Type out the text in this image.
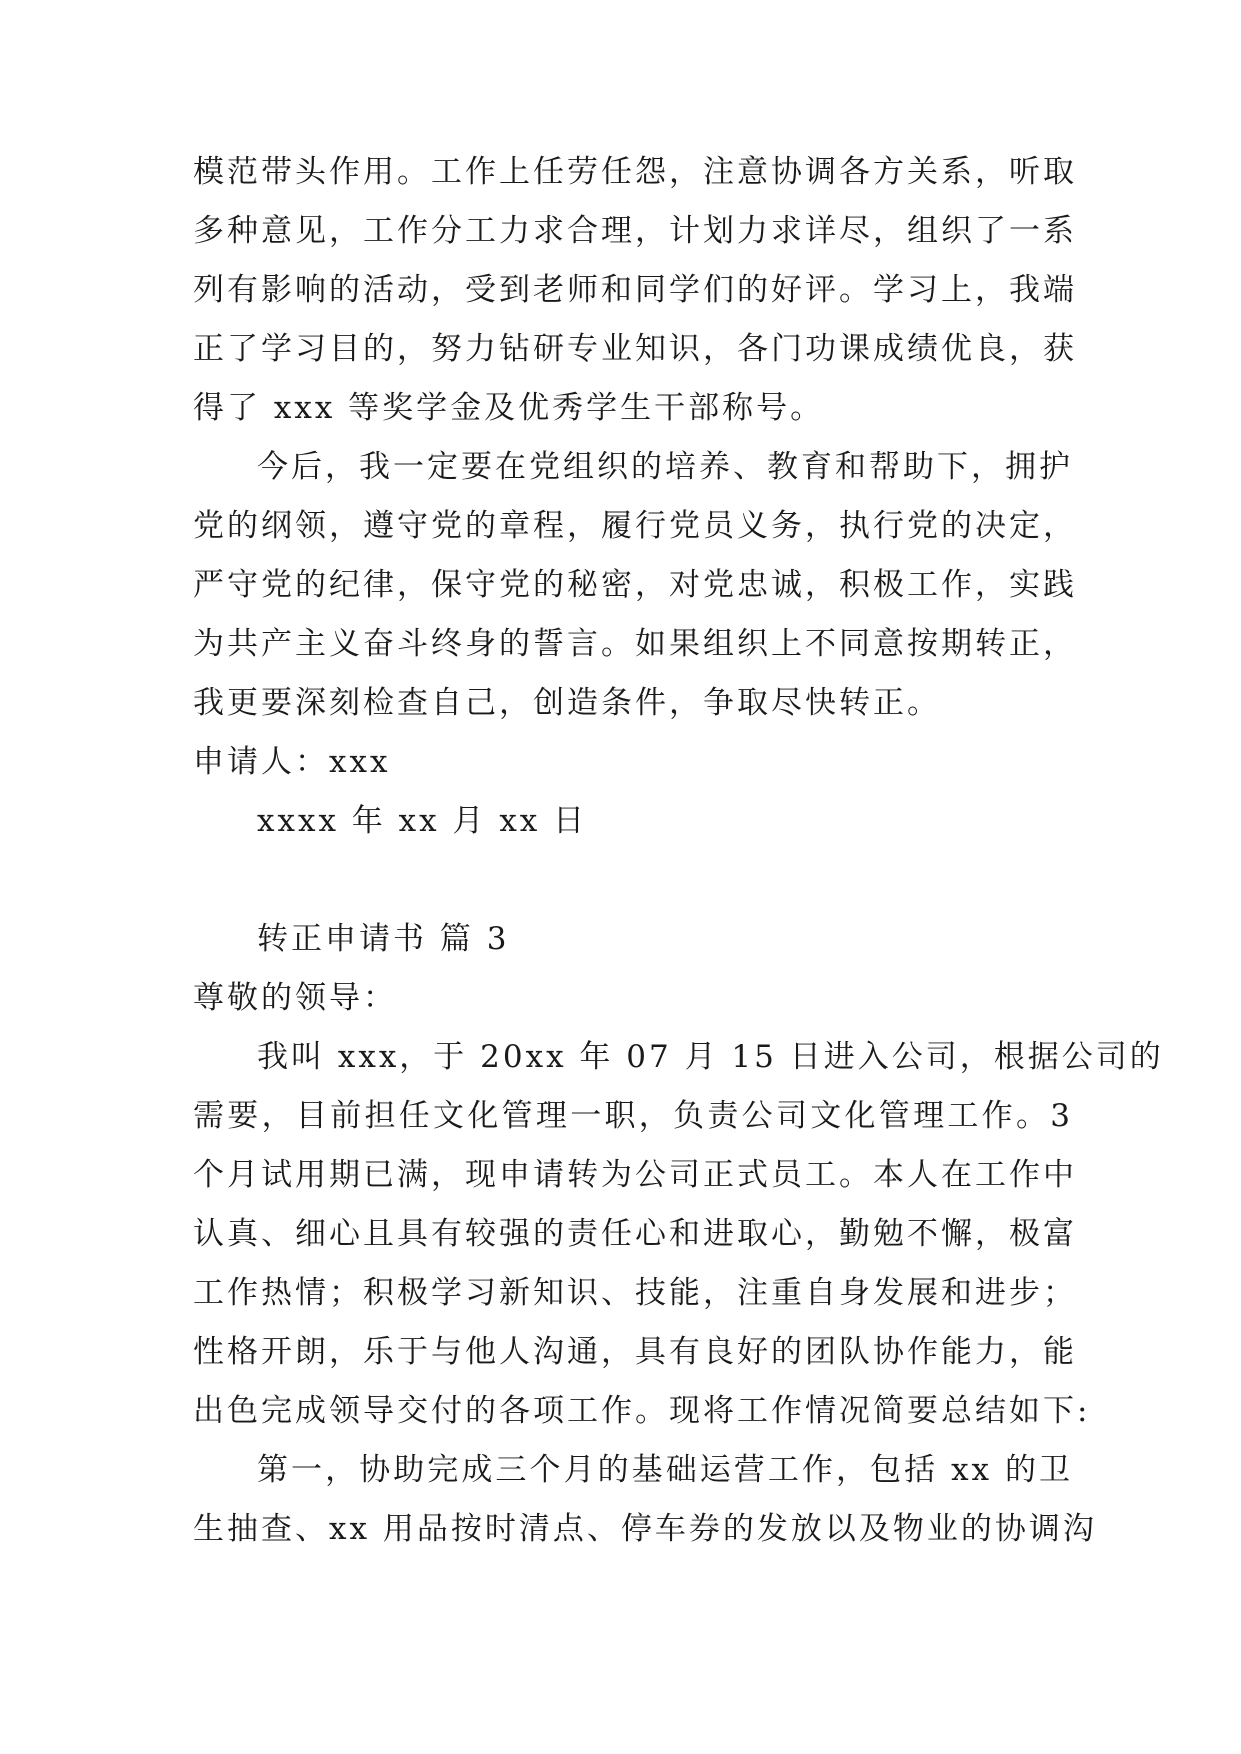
模范带头作用。工作上任劳任怨，注意协调各方关系，听取
多种意见，工作分工力求合理，计划力求详尽，组织了一系
列有影响的活动，受到老师和同学们的好评。学习上，我端
正了学习目的，努力钻研专业知识，各门功课成绩优良，获
得了 xxx 等奖学金及优秀学生干部称号。
今后，我一定要在党组织的培养、教育和帮助下，拥护
党的纲领，遵守党的章程，履行党员义务，执行党的决定，
严守党的纪律，保守党的秘密，对党忠诚，积极工作，实践
为共产主义奋斗终身的誓言。如果组织上不同意按期转正，
我更要深刻检查自己，创造条件，争取尽快转正。
申请人：xxx
xxxx 年 xx 月 xx 日
转正申请书 篇 3
尊敬的领导：
我叫 xxx，于 20xx 年 07 月 15 日进入公司，根据公司的
需要，目前担任文化管理一职，负责公司文化管理工作。3
个月试用期已满，现申请转为公司正式员工。本人在工作中
认真、细心且具有较强的责任心和进取心，勤勉不懈，极富
工作热情；积极学习新知识、技能，注重自身发展和进步；
性格开朗，乐于与他人沟通，具有良好的团队协作能力，能
出色完成领导交付的各项工作。现将工作情况简要总结如下:
第一，协助完成三个月的基础运营工作，包括 xx 的卫
生抽查、xx 用品按时清点、停车券的发放以及物业的协调沟
